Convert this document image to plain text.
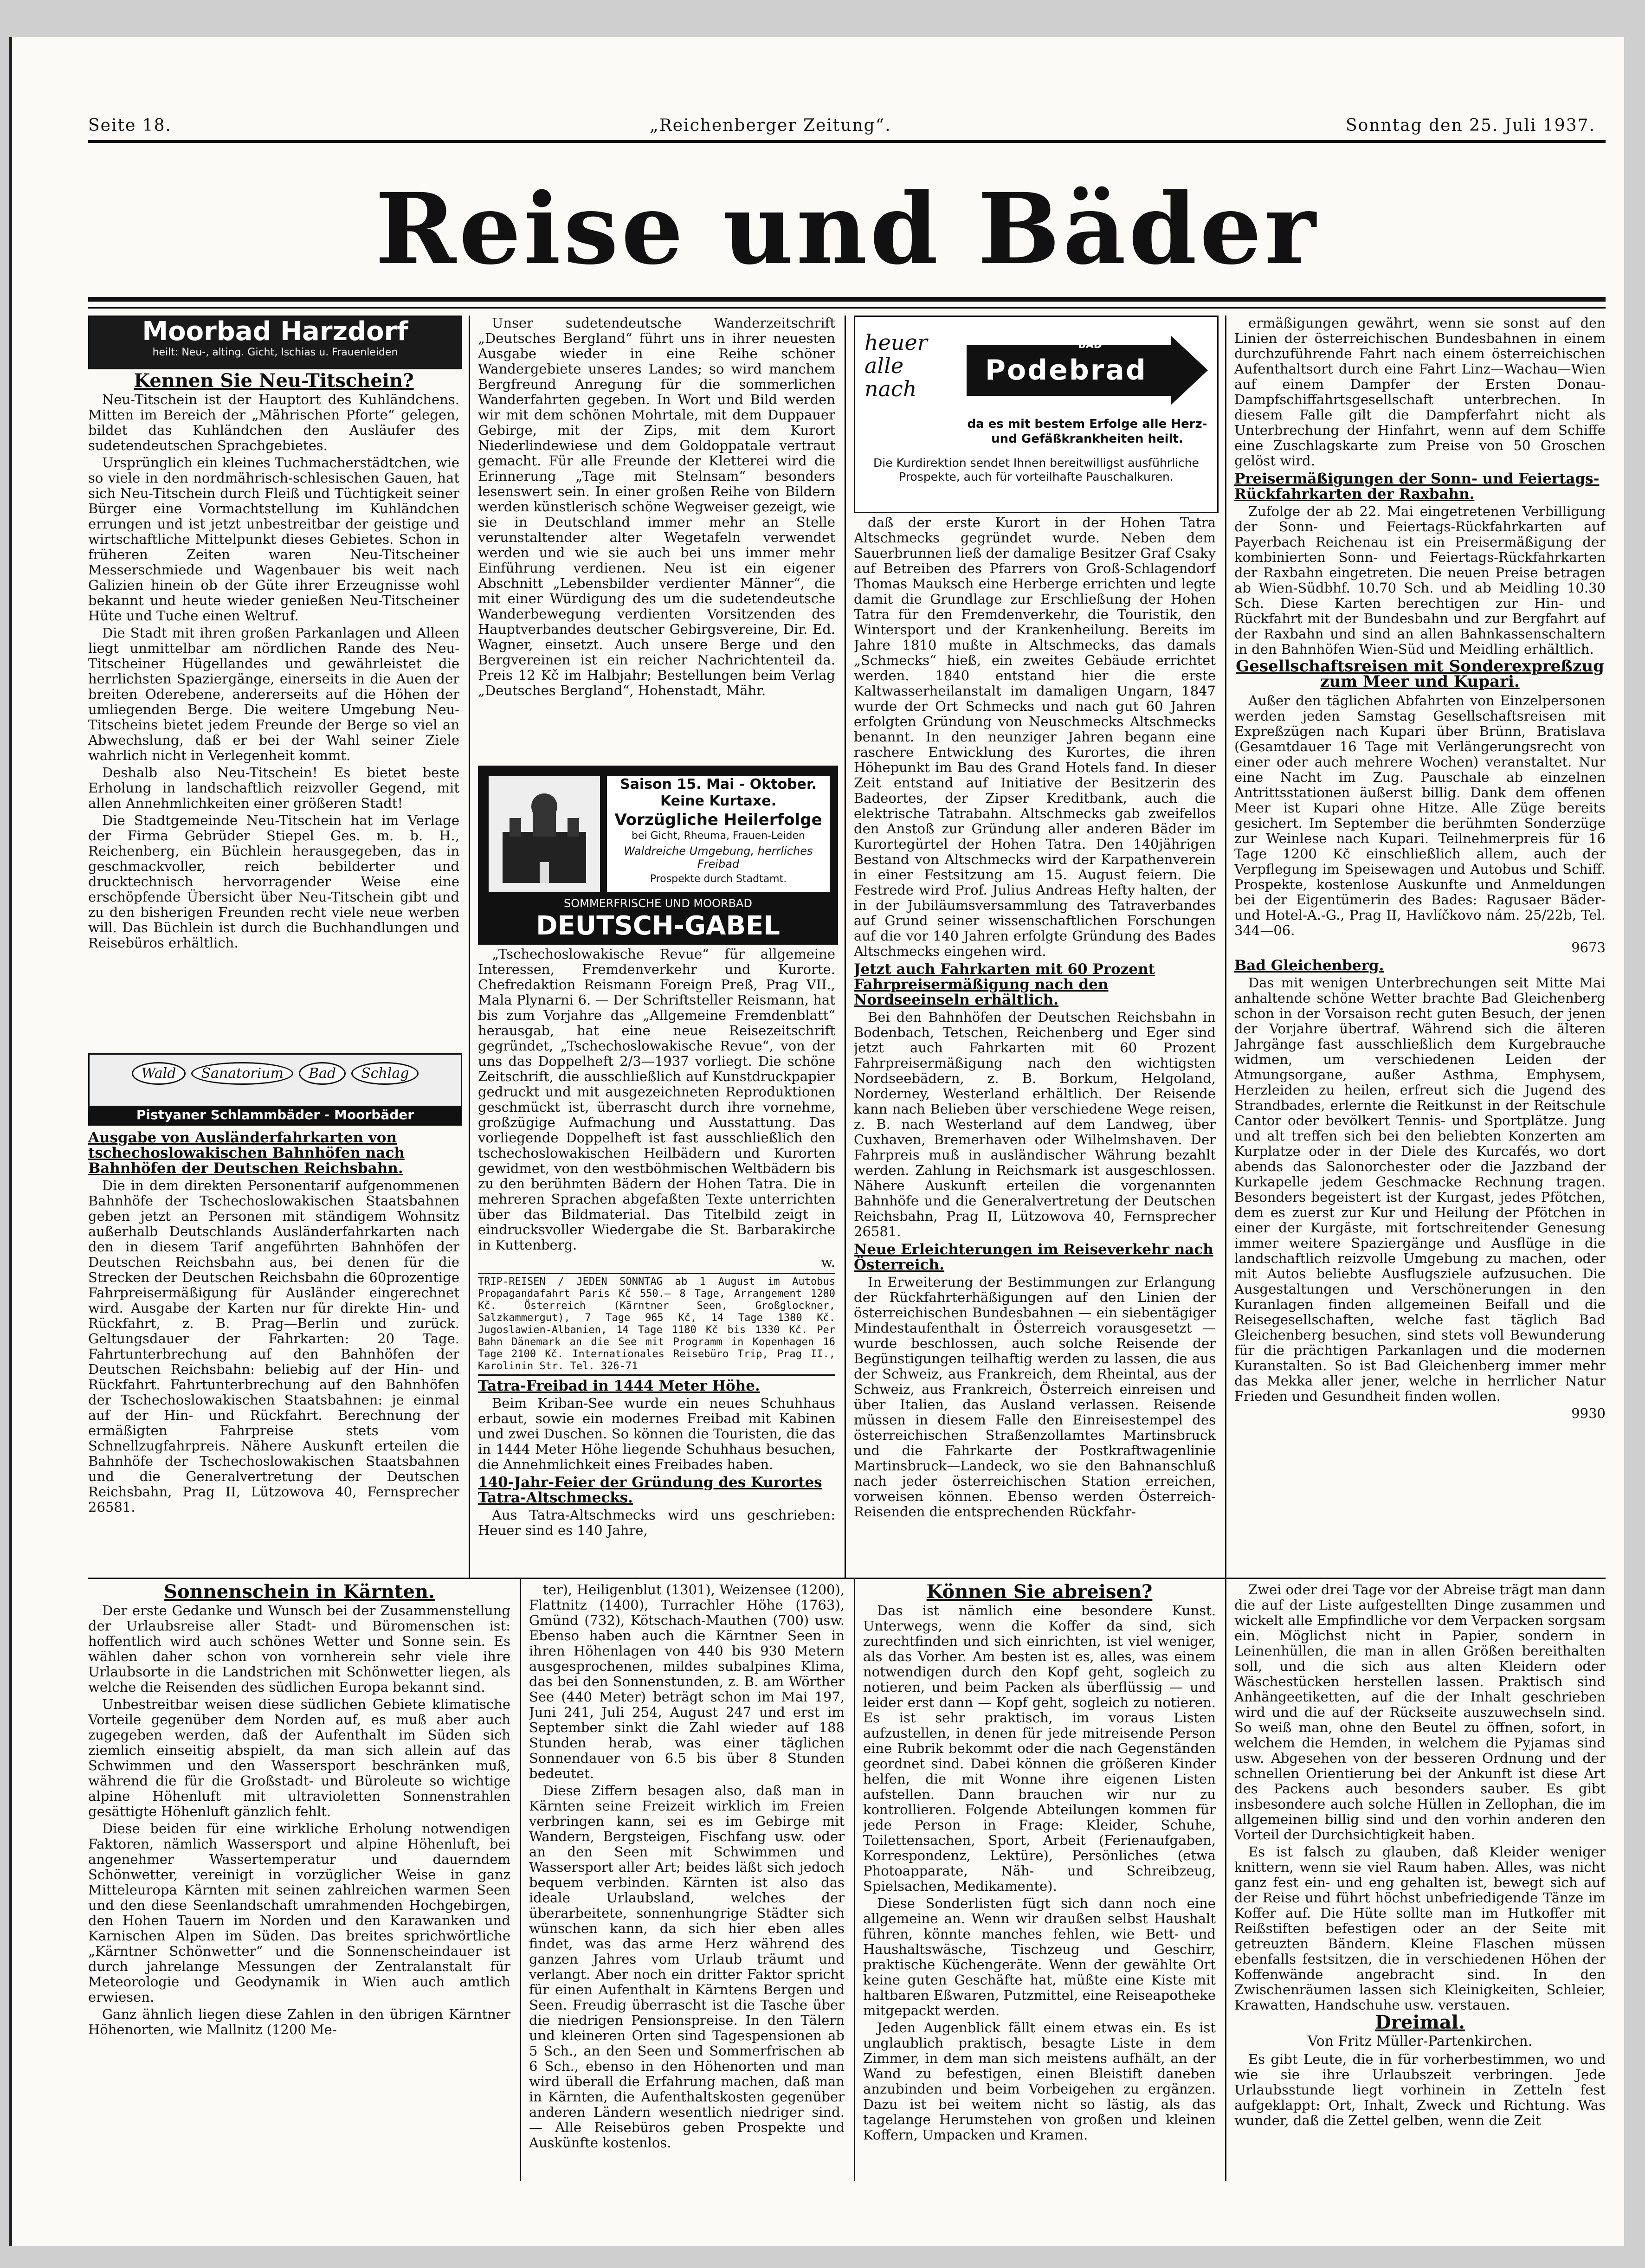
Seite 18.	„Reichenberger Zeitung“.	Sonntag den 25. Juli 1937.
Reise und Bäder
Moorbad Harzdorf
heilt: Neu-, alting. Gicht, Ischias u. Frauenleiden
Kennen Sie Neu-Titschein?

Neu-Titschein ist der Hauptort des Kuhländchens. Mitten im Bereich der „Mährischen Pforte“ gelegen, bildet das Kuhländchen den Ausläufer des sudetendeutschen Sprachgebietes.

Ursprünglich ein kleines Tuchmacherstädtchen, wie so viele in den nordmährisch-schlesischen Gauen, hat sich Neu-Titschein durch Fleiß und Tüchtigkeit seiner Bürger eine Vormachtstellung im Kuhländchen errungen und ist jetzt unbestreitbar der geistige und wirtschaftliche Mittelpunkt dieses Gebietes. Schon in früheren Zeiten waren Neu-Titscheiner Messerschmiede und Wagenbauer bis weit nach Galizien hinein ob der Güte ihrer Erzeugnisse wohl bekannt und heute wieder genießen Neu-Titscheiner Hüte und Tuche einen Weltruf.

Die Stadt mit ihren großen Parkanlagen und Alleen liegt unmittelbar am nördlichen Rande des Neu-Titscheiner Hügellandes und gewährleistet die herrlichsten Spaziergänge, einerseits in die Auen der breiten Oderebene, andererseits auf die Höhen der umliegenden Berge. Die weitere Umgebung Neu-Titscheins bietet jedem Freunde der Berge so viel an Abwechslung, daß er bei der Wahl seiner Ziele wahrlich nicht in Verlegenheit kommt.

Deshalb also Neu-Titschein! Es bietet beste Erholung in landschaftlich reizvoller Gegend, mit allen Annehmlichkeiten einer größeren Stadt!

Die Stadtgemeinde Neu-Titschein hat im Verlage der Firma Gebrüder Stiepel Ges. m. b. H., Reichenberg, ein Büchlein herausgegeben, das in geschmackvoller, reich bebilderter und drucktechnisch hervorragender Weise eine erschöpfende Übersicht über Neu-Titschein gibt und zu den bisherigen Freunden recht viele neue werben will. Das Büchlein ist durch die Buchhandlungen und Reisebüros erhältlich.

Wald Sanatorium Bad Schlag
Pistyaner Schlammbäder - Moorbäder
Ausgabe von Ausländerfahrkarten von tschechoslowakischen Bahnhöfen nach Bahnhöfen der Deutschen Reichsbahn.

Die in dem direkten Personentarif aufgenommenen Bahnhöfe der Tschechoslowakischen Staatsbahnen geben jetzt an Personen mit ständigem Wohnsitz außerhalb Deutschlands Ausländerfahrkarten nach den in diesem Tarif angeführten Bahnhöfen der Deutschen Reichsbahn aus, bei denen für die Strecken der Deutschen Reichsbahn die 60prozentige Fahrpreisermäßigung für Ausländer eingerechnet wird. Ausgabe der Karten nur für direkte Hin- und Rückfahrt, z. B. Prag—Berlin und zurück. Geltungsdauer der Fahrkarten: 20 Tage. Fahrtunterbrechung auf den Bahnhöfen der Deutschen Reichsbahn: beliebig auf der Hin- und Rückfahrt. Fahrtunterbrechung auf den Bahnhöfen der Tschechoslowakischen Staatsbahnen: je einmal auf der Hin- und Rückfahrt. Berechnung der ermäßigten Fahrpreise stets vom Schnellzugfahrpreis. Nähere Auskunft erteilen die Bahnhöfe der Tschechoslowakischen Staatsbahnen und die Generalvertretung der Deutschen Reichsbahn, Prag II, Lützowova 40, Fernsprecher 26581.

Unser sudetendeutsche Wanderzeitschrift „Deutsches Bergland“ führt uns in ihrer neuesten Ausgabe wieder in eine Reihe schöner Wandergebiete unseres Landes; so wird manchem Bergfreund Anregung für die sommerlichen Wanderfahrten gegeben. In Wort und Bild werden wir mit dem schönen Mohrtale, mit dem Duppauer Gebirge, mit der Zips, mit dem Kurort Niederlindewiese und dem Goldoppatale vertraut gemacht. Für alle Freunde der Kletterei wird die Erinnerung „Tage mit Stelnsam“ besonders lesenswert sein. In einer großen Reihe von Bildern werden künstlerisch schöne Wegweiser gezeigt, wie sie in Deutschland immer mehr an Stelle verunstaltender alter Wegetafeln verwendet werden und wie sie auch bei uns immer mehr Einführung verdienen. Neu ist ein eigener Abschnitt „Lebensbilder verdienter Männer“, die mit einer Würdigung des um die sudetendeutsche Wanderbewegung verdienten Vorsitzenden des Hauptverbandes deutscher Gebirgsvereine, Dir. Ed. Wagner, einsetzt. Auch unsere Berge und den Bergvereinen ist ein reicher Nachrichtenteil da. Preis 12 Kč im Halbjahr; Bestellungen beim Verlag „Deutsches Bergland“, Hohenstadt, Mähr.

Saison 15. Mai - Oktober. Keine Kurtaxe.
Vorzügliche Heilerfolge
bei Gicht, Rheuma, Frauen-Leiden
Waldreiche Umgebung, herrliches Freibad
Prospekte durch Stadtamt.
SOMMERFRISCHE UND MOORBAD
DEUTSCH-GABEL

„Tschechoslowakische Revue“ für allgemeine Interessen, Fremdenverkehr und Kurorte. Chefredaktion Reismann Foreign Preß, Prag VII., Mala Plynarni 6. — Der Schriftsteller Reismann, hat bis zum Vorjahre das „Allgemeine Fremdenblatt“ herausgab, hat eine neue Reisezeitschrift gegründet, „Tschechoslowakische Revue“, von der uns das Doppelheft 2/3—1937 vorliegt. Die schöne Zeitschrift, die ausschließlich auf Kunstdruckpapier gedruckt und mit ausgezeichneten Reproduktionen geschmückt ist, überrascht durch ihre vornehme, großzügige Aufmachung und Ausstattung. Das vorliegende Doppelheft ist fast ausschließlich den tschechoslowakischen Heilbädern und Kurorten gewidmet, von den westböhmischen Weltbädern bis zu den berühmten Bädern der Hohen Tatra. Die in mehreren Sprachen abgefaßten Texte unterrichten über das Bildmaterial. Das Titelbild zeigt in eindrucksvoller Wiedergabe die St. Barbarakirche in Kuttenberg.

w.
TRIP-REISEN / JEDEN SONNTAG ab 1 August im Autobus Propagandafahrt Paris Kč 550.— 8 Tage, Arrangement 1280 Kč. Österreich (Kärntner Seen, Großglockner, Salzkammergut), 7 Tage 965 Kč, 14 Tage 1380 Kč. Jugoslawien-Albanien, 14 Tage 1180 Kč bis 1330 Kč. Per Bahn Dänemark an die See mit Programm in Kopenhagen 16 Tage 2100 Kč. Internationales Reisebüro Trip, Prag II., Karolinin Str. Tel. 326-71
Tatra-Freibad in 1444 Meter Höhe.

Beim Kriban-See wurde ein neues Schuhhaus erbaut, sowie ein modernes Freibad mit Kabinen und zwei Duschen. So können die Touristen, die das in 1444 Meter Höhe liegende Schuhhaus besuchen, die Annehmlichkeit eines Freibades haben.

140-Jahr-Feier der Gründung des Kurortes Tatra-Altschmecks.

Aus Tatra-Altschmecks wird uns geschrieben: Heuer sind es 140 Jahre,

heuer alle nach
BAD
Podebrad
da es mit bestem Erfolge alle Herz- und Gefäßkrankheiten heilt.
Die Kurdirektion sendet Ihnen bereitwilligst ausführliche Prospekte, auch für vorteilhafte Pauschalkuren.

daß der erste Kurort in der Hohen Tatra Altschmecks gegründet wurde. Neben dem Sauerbrunnen ließ der damalige Besitzer Graf Csaky auf Betreiben des Pfarrers von Groß-Schlagendorf Thomas Mauksch eine Herberge errichten und legte damit die Grundlage zur Erschließung der Hohen Tatra für den Fremdenverkehr, die Touristik, den Wintersport und der Krankenheilung. Bereits im Jahre 1810 mußte in Altschmecks, das damals „Schmecks“ hieß, ein zweites Gebäude errichtet werden. 1840 entstand hier die erste Kaltwasserheilanstalt im damaligen Ungarn, 1847 wurde der Ort Schmecks und nach gut 60 Jahren erfolgten Gründung von Neuschmecks Altschmecks benannt. In den neunziger Jahren begann eine raschere Entwicklung des Kurortes, die ihren Höhepunkt im Bau des Grand Hotels fand. In dieser Zeit entstand auf Initiative der Besitzerin des Badeortes, der Zipser Kreditbank, auch die elektrische Tatrabahn. Altschmecks gab zweifellos den Anstoß zur Gründung aller anderen Bäder im Kurortegürtel der Hohen Tatra. Den 140jährigen Bestand von Altschmecks wird der Karpathenverein in einer Festsitzung am 15. August feiern. Die Festrede wird Prof. Julius Andreas Hefty halten, der in der Jubiläumsversammlung des Tatraverbandes auf Grund seiner wissenschaftlichen Forschungen auf die vor 140 Jahren erfolgte Gründung des Bades Altschmecks eingehen wird.

Jetzt auch Fahrkarten mit 60 Prozent Fahrpreisermäßigung nach den Nordseeinseln erhältlich.

Bei den Bahnhöfen der Deutschen Reichsbahn in Bodenbach, Tetschen, Reichenberg und Eger sind jetzt auch Fahrkarten mit 60 Prozent Fahrpreisermäßigung nach den wichtigsten Nordseebädern, z. B. Borkum, Helgoland, Norderney, Westerland erhältlich. Der Reisende kann nach Belieben über verschiedene Wege reisen, z. B. nach Westerland auf dem Landweg, über Cuxhaven, Bremerhaven oder Wilhelmshaven. Der Fahrpreis muß in ausländischer Währung bezahlt werden. Zahlung in Reichsmark ist ausgeschlossen. Nähere Auskunft erteilen die vorgenannten Bahnhöfe und die Generalvertretung der Deutschen Reichsbahn, Prag II, Lützowova 40, Fernsprecher 26581.

Neue Erleichterungen im Reiseverkehr nach Österreich.

In Erweiterung der Bestimmungen zur Erlangung der Rückfahrterhäßigungen auf den Linien der österreichischen Bundesbahnen — ein siebentägiger Mindestaufenthalt in Österreich vorausgesetzt — wurde beschlossen, auch solche Reisende der Begünstigungen teilhaftig werden zu lassen, die aus der Schweiz, aus Frankreich, dem Rheintal, aus der Schweiz, aus Frankreich, Österreich einreisen und über Italien, das Ausland verlassen. Reisende müssen in diesem Falle den Einreisestempel des österreichischen Straßenzollamtes Martinsbruck und die Fahrkarte der Postkraftwagenlinie Martinsbruck—Landeck, wo sie den Bahnanschluß nach jeder österreichischen Station erreichen, vorweisen können. Ebenso werden Österreich-Reisenden die entsprechenden Rückfahr-

ermäßigungen gewährt, wenn sie sonst auf den Linien der österreichischen Bundesbahnen in einem durchzuführende Fahrt nach einem österreichischen Aufenthaltsort durch eine Fahrt Linz—Wachau—Wien auf einem Dampfer der Ersten Donau-Dampfschiffahrtsgesellschaft unterbrechen. In diesem Falle gilt die Dampferfahrt nicht als Unterbrechung der Hinfahrt, wenn auf dem Schiffe eine Zuschlagskarte zum Preise von 50 Groschen gelöst wird.

Preisermäßigungen der Sonn- und Feiertags-Rückfahrkarten der Raxbahn.

Zufolge der ab 22. Mai eingetretenen Verbilligung der Sonn- und Feiertags-Rückfahrkarten auf Payerbach Reichenau ist ein Preisermäßigung der kombinierten Sonn- und Feiertags-Rückfahrkarten der Raxbahn eingetreten. Die neuen Preise betragen ab Wien-Südbhf. 10.70 Sch. und ab Meidling 10.30 Sch. Diese Karten berechtigen zur Hin- und Rückfahrt mit der Bundesbahn und zur Bergfahrt auf der Raxbahn und sind an allen Bahnkassenschaltern in den Bahnhöfen Wien-Süd und Meidling erhältlich.

Gesellschaftsreisen mit Sonderexpreßzug zum Meer und Kupari.

Außer den täglichen Abfahrten von Einzelpersonen werden jeden Samstag Gesellschaftsreisen mit Expreßzügen nach Kupari über Brünn, Bratislava (Gesamtdauer 16 Tage mit Verlängerungsrecht von einer oder auch mehrere Wochen) veranstaltet. Nur eine Nacht im Zug. Pauschale ab einzelnen Antrittsstationen äußerst billig. Dank dem offenen Meer ist Kupari ohne Hitze. Alle Züge bereits gesichert. Im September die berühmten Sonderzüge zur Weinlese nach Kupari. Teilnehmerpreis für 16 Tage 1200 Kč einschließlich allem, auch der Verpflegung im Speisewagen und Autobus und Schiff. Prospekte, kostenlose Auskunfte und Anmeldungen bei der Eigentümerin des Bades: Ragusaer Bäder- und Hotel-A.-G., Prag II, Havlíčkovo nám. 25/22b, Tel. 344—06.

9673
Bad Gleichenberg.

Das mit wenigen Unterbrechungen seit Mitte Mai anhaltende schöne Wetter brachte Bad Gleichenberg schon in der Vorsaison recht guten Besuch, der jenen der Vorjahre übertraf. Während sich die älteren Jahrgänge fast ausschließlich dem Kurgebrauche widmen, um verschiedenen Leiden der Atmungsorgane, außer Asthma, Emphysem, Herzleiden zu heilen, erfreut sich die Jugend des Strandbades, erlernte die Reitkunst in der Reitschule Cantor oder bevölkert Tennis- und Sportplätze. Jung und alt treffen sich bei den beliebten Konzerten am Kurplatze oder in der Diele des Kurcafés, wo dort abends das Salonorchester oder die Jazzband der Kurkapelle jedem Geschmacke Rechnung tragen. Besonders begeistert ist der Kurgast, jedes Pfötchen, dem es zuerst zur Kur und Heilung der Pfötchen in einer der Kurgäste, mit fortschreitender Genesung immer weitere Spaziergänge und Ausflüge in die landschaftlich reizvolle Umgebung zu machen, oder mit Autos beliebte Ausflugsziele aufzusuchen. Die Ausgestaltungen und Verschönerungen in den Kuranlagen finden allgemeinen Beifall und die Reisegesellschaften, welche fast täglich Bad Gleichenberg besuchen, sind stets voll Bewunderung für die prächtigen Parkanlagen und die modernen Kuranstalten. So ist Bad Gleichenberg immer mehr das Mekka aller jener, welche in herrlicher Natur Frieden und Gesundheit finden wollen.

9930
Sonnenschein in Kärnten.

Der erste Gedanke und Wunsch bei der Zusammenstellung der Urlaubsreise aller Stadt- und Büromenschen ist: hoffentlich wird auch schönes Wetter und Sonne sein. Es wählen daher schon von vornherein sehr viele ihre Urlaubsorte in die Landstrichen mit Schönwetter liegen, als welche die Reisenden des südlichen Europa bekannt sind.

Unbestreitbar weisen diese südlichen Gebiete klimatische Vorteile gegenüber dem Norden auf, es muß aber auch zugegeben werden, daß der Aufenthalt im Süden sich ziemlich einseitig abspielt, da man sich allein auf das Schwimmen und den Wassersport beschränken muß, während die für die Großstadt- und Büroleute so wichtige alpine Höhenluft mit ultravioletten Sonnenstrahlen gesättigte Höhenluft gänzlich fehlt.

Diese beiden für eine wirkliche Erholung notwendigen Faktoren, nämlich Wassersport und alpine Höhenluft, bei angenehmer Wassertemperatur und dauerndem Schönwetter, vereinigt in vorzüglicher Weise in ganz Mitteleuropa Kärnten mit seinen zahlreichen warmen Seen und den diese Seenlandschaft umrahmenden Hochgebirgen, den Hohen Tauern im Norden und den Karawanken und Karnischen Alpen im Süden. Das breites sprichwörtliche „Kärntner Schönwetter“ und die Sonnenscheindauer ist durch jahrelange Messungen der Zentralanstalt für Meteorologie und Geodynamik in Wien auch amtlich erwiesen.

Ganz ähnlich liegen diese Zahlen in den übrigen Kärntner Höhenorten, wie Mallnitz (1200 Me-

ter), Heiligenblut (1301), Weizensee (1200), Flattnitz (1400), Turrachler Höhe (1763), Gmünd (732), Kötschach-Mauthen (700) usw. Ebenso haben auch die Kärntner Seen in ihren Höhenlagen von 440 bis 930 Metern ausgesprochenen, mildes subalpines Klima, das bei den Sonnenstunden, z. B. am Wörther See (440 Meter) beträgt schon im Mai 197, Juni 241, Juli 254, August 247 und erst im September sinkt die Zahl wieder auf 188 Stunden herab, was einer täglichen Sonnendauer von 6.5 bis über 8 Stunden bedeutet.

Diese Ziffern besagen also, daß man in Kärnten seine Freizeit wirklich im Freien verbringen kann, sei es im Gebirge mit Wandern, Bergsteigen, Fischfang usw. oder an den Seen mit Schwimmen und Wassersport aller Art; beides läßt sich jedoch bequem verbinden. Kärnten ist also das ideale Urlaubsland, welches der überarbeitete, sonnenhungrige Städter sich wünschen kann, da sich hier eben alles findet, was das arme Herz während des ganzen Jahres vom Urlaub träumt und verlangt. Aber noch ein dritter Faktor spricht für einen Aufenthalt in Kärntens Bergen und Seen. Freudig überrascht ist die Tasche über die niedrigen Pensionspreise. In den Tälern und kleineren Orten sind Tagespensionen ab 5 Sch., an den Seen und Sommerfrischen ab 6 Sch., ebenso in den Höhenorten und man wird überall die Erfahrung machen, daß man in Kärnten, die Aufenthaltskosten gegenüber anderen Ländern wesentlich niedriger sind. — Alle Reisebüros geben Prospekte und Auskünfte kostenlos.

Können Sie abreisen?

Das ist nämlich eine besondere Kunst. Unterwegs, wenn die Koffer da sind, sich zurechtfinden und sich einrichten, ist viel weniger, als das Vorher. Am besten ist es, alles, was einem notwendigen durch den Kopf geht, sogleich zu notieren, und beim Packen als überflüssig — und leider erst dann — Kopf geht, sogleich zu notieren. Es ist sehr praktisch, im voraus Listen aufzustellen, in denen für jede mitreisende Person eine Rubrik bekommt oder die nach Gegenständen geordnet sind. Dabei können die größeren Kinder helfen, die mit Wonne ihre eigenen Listen aufstellen. Dann brauchen wir nur zu kontrollieren. Folgende Abteilungen kommen für jede Person in Frage: Kleider, Schuhe, Toilettensachen, Sport, Arbeit (Ferienaufgaben, Korrespondenz, Lektüre), Persönliches (etwa Photoapparate, Näh- und Schreibzeug, Spielsachen, Medikamente).

Diese Sonderlisten fügt sich dann noch eine allgemeine an. Wenn wir draußen selbst Haushalt führen, könnte manches fehlen, wie Bett- und Haushaltswäsche, Tischzeug und Geschirr, praktische Küchengeräte. Wenn der gewählte Ort keine guten Geschäfte hat, müßte eine Kiste mit haltbaren Eßwaren, Putzmittel, eine Reiseapotheke mitgepackt werden.

Jeden Augenblick fällt einem etwas ein. Es ist unglaublich praktisch, besagte Liste in dem Zimmer, in dem man sich meistens aufhält, an der Wand zu befestigen, einen Bleistift daneben anzubinden und beim Vorbeigehen zu ergänzen. Dazu ist bei weitem nicht so lästig, als das tagelange Herumstehen von großen und kleinen Koffern, Umpacken und Kramen.

Zwei oder drei Tage vor der Abreise trägt man dann die auf der Liste aufgestellten Dinge zusammen und wickelt alle Empfindliche vor dem Verpacken sorgsam ein. Möglichst nicht in Papier, sondern in Leinenhüllen, die man in allen Größen bereithalten soll, und die sich aus alten Kleidern oder Wäschestücken herstellen lassen. Praktisch sind Anhängeetiketten, auf die der Inhalt geschrieben wird und die auf der Rückseite auszuwechseln sind. So weiß man, ohne den Beutel zu öffnen, sofort, in welchem die Hemden, in welchem die Pyjamas sind usw. Abgesehen von der besseren Ordnung und der schnellen Orientierung bei der Ankunft ist diese Art des Packens auch besonders sauber. Es gibt insbesondere auch solche Hüllen in Zellophan, die im allgemeinen billig sind und den vorhin anderen den Vorteil der Durchsichtigkeit haben.

Es ist falsch zu glauben, daß Kleider weniger knittern, wenn sie viel Raum haben. Alles, was nicht ganz fest ein- und eng gehalten ist, bewegt sich auf der Reise und führt höchst unbefriedigende Tänze im Koffer auf. Die Hüte sollte man im Hutkoffer mit Reißstiften befestigen oder an der Seite mit getreuzten Bändern. Kleine Flaschen müssen ebenfalls festsitzen, die in verschiedenen Höhen der Koffenwände angebracht sind. In den Zwischenräumen lassen sich Kleinigkeiten, Schleier, Krawatten, Handschuhe usw. verstauen.

Dreimal.
Von Fritz Müller-Partenkirchen.

Es gibt Leute, die in für vorherbestimmen, wo und wie sie ihre Urlaubszeit verbringen. Jede Urlaubsstunde liegt vorhinein in Zetteln fest aufgeklappt: Ort, Inhalt, Zweck und Richtung. Was wunder, daß die Zettel gelben, wenn die Zeit
